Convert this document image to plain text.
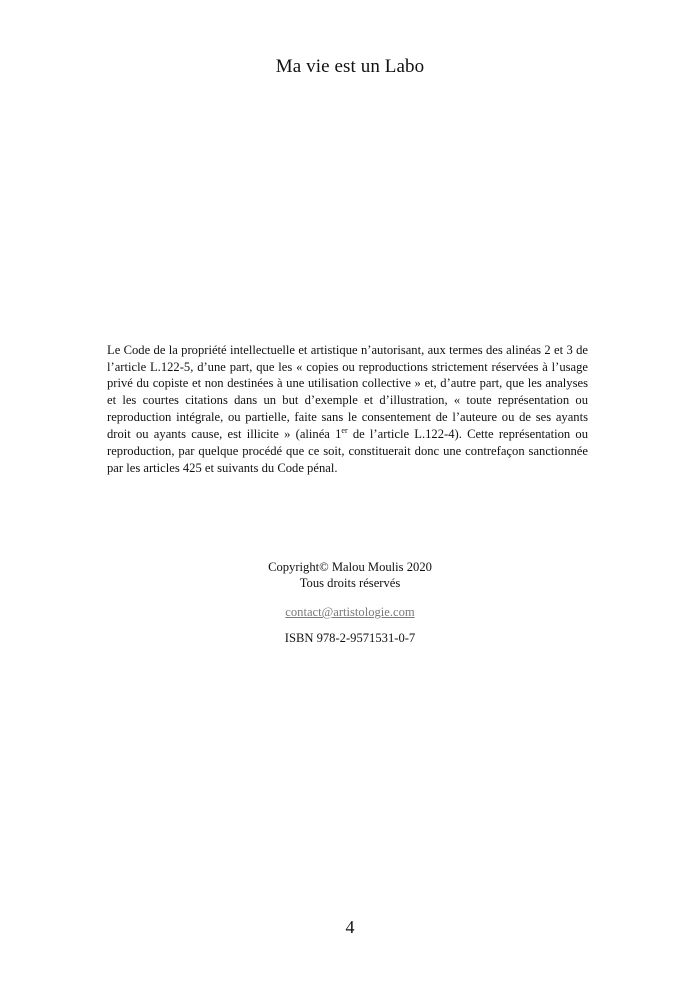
Ma vie est un Labo

Le Code de la propriété intellectuelle et artistique n’autorisant, aux termes des alinéas 2 et 3 de l’article L.122-5, d’une part, que les « copies ou reproductions strictement réservées à l’usage privé du copiste et non destinées à une utilisation collective » et, d’autre part, que les analyses et les courtes citations dans un but d’exemple et d’illustration, « toute représentation ou reproduction intégrale, ou partielle, faite sans le consentement de l’auteure ou de ses ayants droit ou ayants cause, est illicite » (alinéa 1er de l’article L.122-4). Cette représentation ou reproduction, par quelque procédé que ce soit, constituerait donc une contrefaçon sanctionnée par les articles 425 et suivants du Code pénal.

Copyright© Malou Moulis 2020
Tous droits réservés
contact@artistologie.com
ISBN 978-2-9571531-0-7
4
